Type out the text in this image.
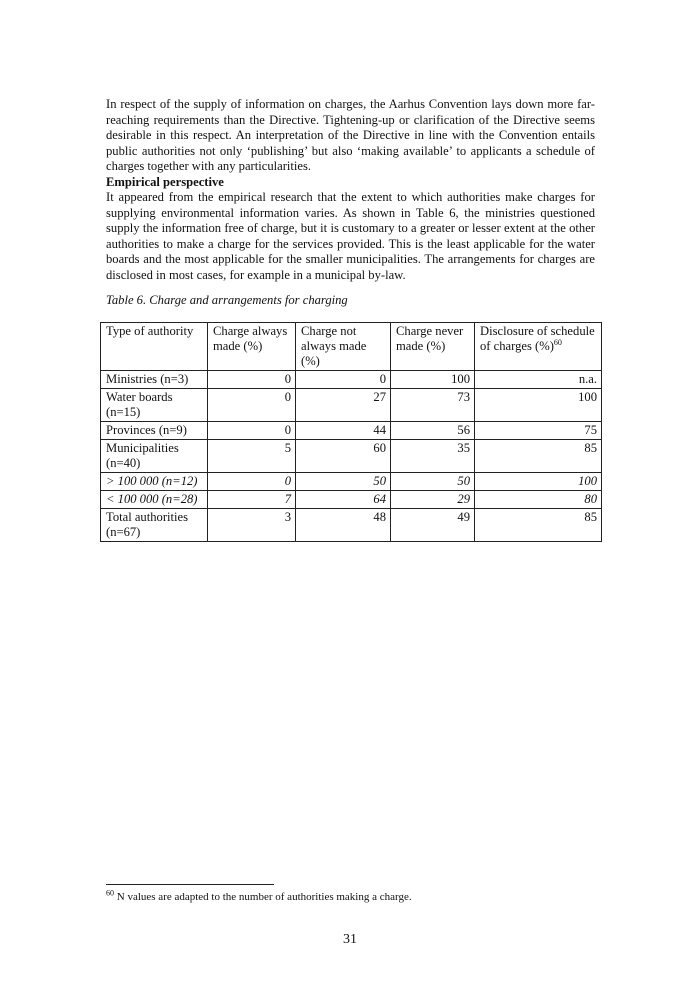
In respect of the supply of information on charges, the Aarhus Convention lays down more far-reaching requirements than the Directive. Tightening-up or clarification of the Directive seems desirable in this respect. An interpretation of the Directive in line with the Convention entails public authorities not only ‘publishing’ but also ‘making available’ to applicants a schedule of charges together with any particularities.
Empirical perspective
It appeared from the empirical research that the extent to which authorities make charges for supplying environmental information varies. As shown in Table 6, the ministries questioned supply the information free of charge, but it is customary to a greater or lesser extent at the other authorities to make a charge for the services provided. This is the least applicable for the water boards and the most applicable for the smaller municipalities. The arrangements for charges are disclosed in most cases, for example in a municipal by-law.
Table 6. Charge and arrangements for charging
Type of authority	Charge always made (%)	Charge not always made (%)	Charge never made (%)	Disclosure of schedule of charges (%)$^{60}$
Ministries (n=3)	0	0	100	n.a.
Water boards (n=15)	0	27	73	100
Provinces (n=9)	0	44	56	75
Municipalities (n=40)	5	60	35	85
> 100 000 (n=12)	0	50	50	100
< 100 000 (n=28)	7	64	29	80
Total authorities (n=67)	3	48	49	85
$^{60}$ N values are adapted to the number of authorities making a charge.
31
